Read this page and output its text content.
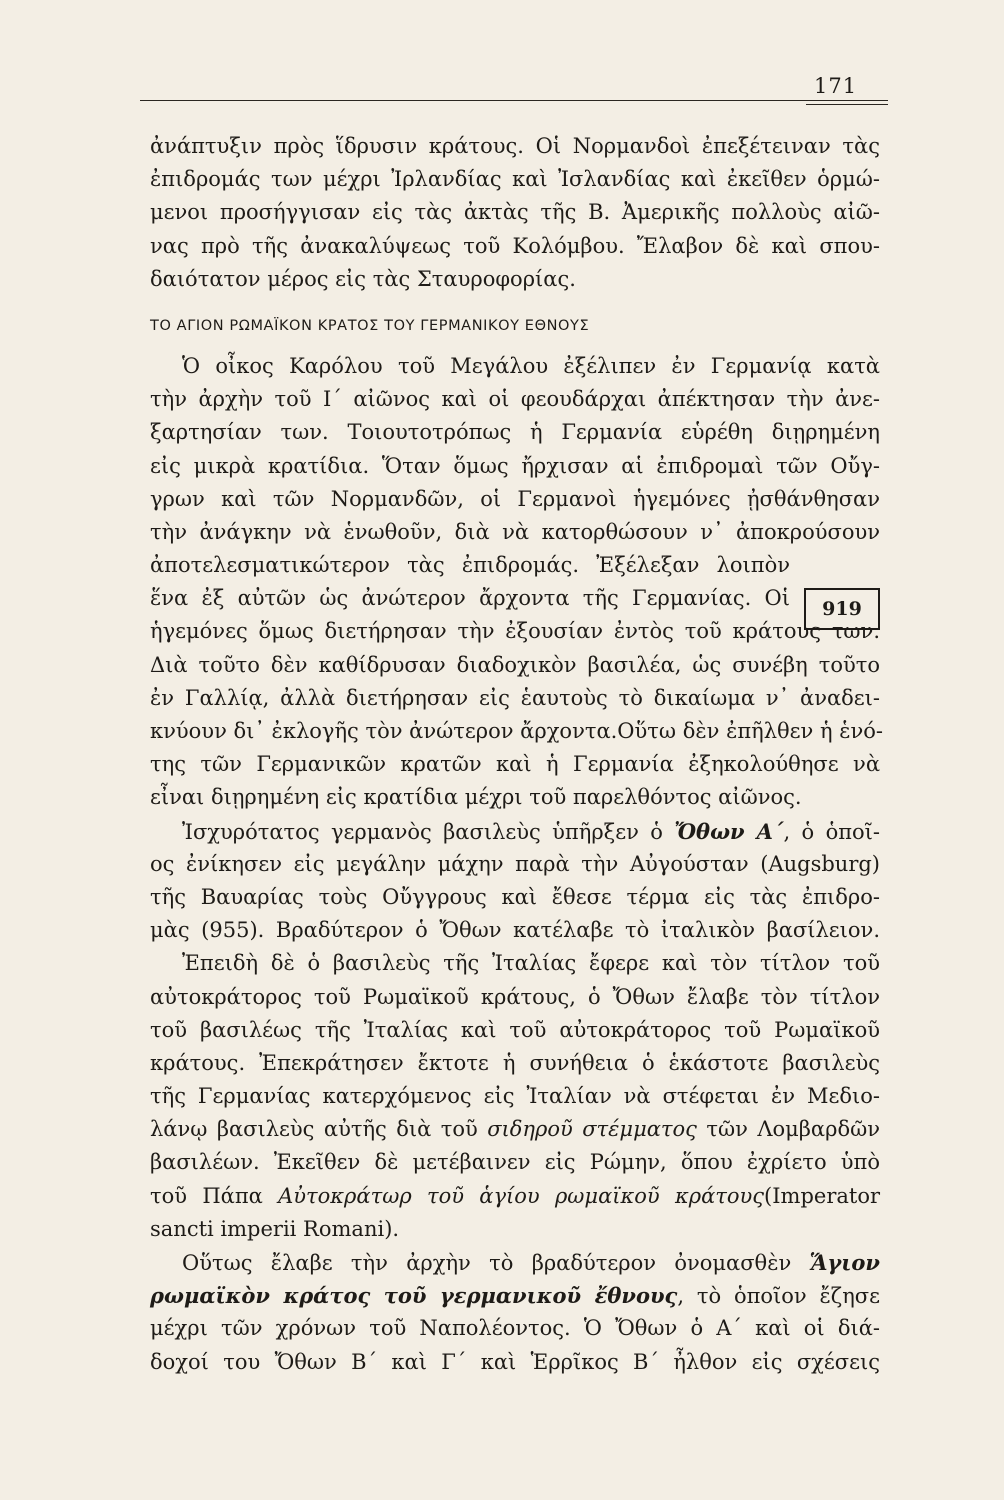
171
919
ἀνάπτυξιν πρὸς ἵδρυσιν κράτους. Οἱ Νορμανδοὶ ἐπεξέτειναν τὰς
ἐπιδρομάς των μέχρι Ἰρλανδίας καὶ Ἰσλανδίας καὶ ἐκεῖθεν ὁρμώ-
μενοι προσήγγισαν εἰς τὰς ἀκτὰς τῆς Β. Ἀμερικῆς πολλοὺς αἰῶ-
νας πρὸ τῆς ἀνακαλύψεως τοῦ Κολόμβου. Ἔλαβον δὲ καὶ σπου-
δαιότατον μέρος εἰς τὰς Σταυροφορίας.
ΤΟ ΑΓΙΟΝ ΡΩΜΑΪΚΟΝ ΚΡΑΤΟΣ ΤΟΥ ΓΕΡΜΑΝΙΚΟΥ ΕΘΝΟΥΣ
Ὁ οἶκος Καρόλου τοῦ Μεγάλου ἐξέλιπεν ἐν Γερμανίᾳ κατὰ
τὴν ἀρχὴν τοῦ Ι΄ αἰῶνος καὶ οἱ φεουδάρχαι ἀπέκτησαν τὴν ἀνε-
ξαρτησίαν των. Τοιουτοτρόπως ἡ Γερμανία εὑρέθη διῃρημένη
εἰς μικρὰ κρατίδια. Ὅταν ὅμως ἤρχισαν αἱ ἐπιδρομαὶ τῶν Οὔγ-
γρων καὶ τῶν Νορμανδῶν, οἱ Γερμανοὶ ἡγεμόνες ᾐσθάνθησαν
τὴν ἀνάγκην νὰ ἑνωθοῦν, διὰ νὰ κατορθώσουν ν᾽ ἀποκρούσουν
ἀποτελεσματικώτερον τὰς ἐπιδρομάς. Ἐξέλεξαν λοιπὸν
ἕνα ἐξ αὐτῶν ὡς ἀνώτερον ἄρχοντα τῆς Γερμανίας. Οἱ
ἡγεμόνες ὅμως διετήρησαν τὴν ἐξουσίαν ἐντὸς τοῦ κράτους των.
Διὰ τοῦτο δὲν καθίδρυσαν διαδοχικὸν βασιλέα, ὡς συνέβη τοῦτο
ἐν Γαλλίᾳ, ἀλλὰ διετήρησαν εἰς ἑαυτοὺς τὸ δικαίωμα ν᾽ ἀναδει-
κνύουν δι᾽ ἐκλογῆς τὸν ἀνώτερον ἄρχοντα.Οὕτω δὲν ἐπῆλθεν ἡ ἑνό-
της τῶν Γερμανικῶν κρατῶν καὶ ἡ Γερμανία ἐξηκολούθησε νὰ
εἶναι διῃρημένη εἰς κρατίδια μέχρι τοῦ παρελθόντος αἰῶνος.
Ἰσχυρότατος γερμανὸς βασιλεὺς ὑπῆρξεν ὁ Ὄθων Α΄, ὁ ὁποῖ-
ος ἐνίκησεν εἰς μεγάλην μάχην παρὰ τὴν Αὐγούσταν (Augsburg)
τῆς Βαυαρίας τοὺς Οὔγγρους καὶ ἔθεσε τέρμα εἰς τὰς ἐπιδρο-
μὰς (955). Βραδύτερον ὁ Ὄθων κατέλαβε τὸ ἰταλικὸν βασίλειον.
Ἐπειδὴ δὲ ὁ βασιλεὺς τῆς Ἰταλίας ἔφερε καὶ τὸν τίτλον τοῦ
αὐτοκράτορος τοῦ Ρωμαϊκοῦ κράτους, ὁ Ὄθων ἔλαβε τὸν τίτλον
τοῦ βασιλέως τῆς Ἰταλίας καὶ τοῦ αὐτοκράτορος τοῦ Ρωμαϊκοῦ
κράτους. Ἐπεκράτησεν ἔκτοτε ἡ συνήθεια ὁ ἑκάστοτε βασιλεὺς
τῆς Γερμανίας κατερχόμενος εἰς Ἰταλίαν νὰ στέφεται ἐν Μεδιο-
λάνῳ βασιλεὺς αὐτῆς διὰ τοῦ σιδηροῦ στέμματος τῶν Λομβαρδῶν
βασιλέων. Ἐκεῖθεν δὲ μετέβαινεν εἰς Ρώμην, ὅπου ἐχρίετο ὑπὸ
τοῦ Πάπα Αὐτοκράτωρ τοῦ ἁγίου ρωμαϊκοῦ κράτους(Imperator
sancti imperii Romani).
Οὕτως ἔλαβε τὴν ἀρχὴν τὸ βραδύτερον ὀνομασθὲν Ἅγιον
ρωμαϊκὸν κράτος τοῦ γερμανικοῦ ἔθνους, τὸ ὁποῖον ἔζησε
μέχρι τῶν χρόνων τοῦ Ναπολέοντος. Ὁ Ὄθων ὁ Α΄ καὶ οἱ διά-
δοχοί του Ὄθων Β΄ καὶ Γ΄ καὶ Ἑρρῖκος Β΄ ἦλθον εἰς σχέσεις
